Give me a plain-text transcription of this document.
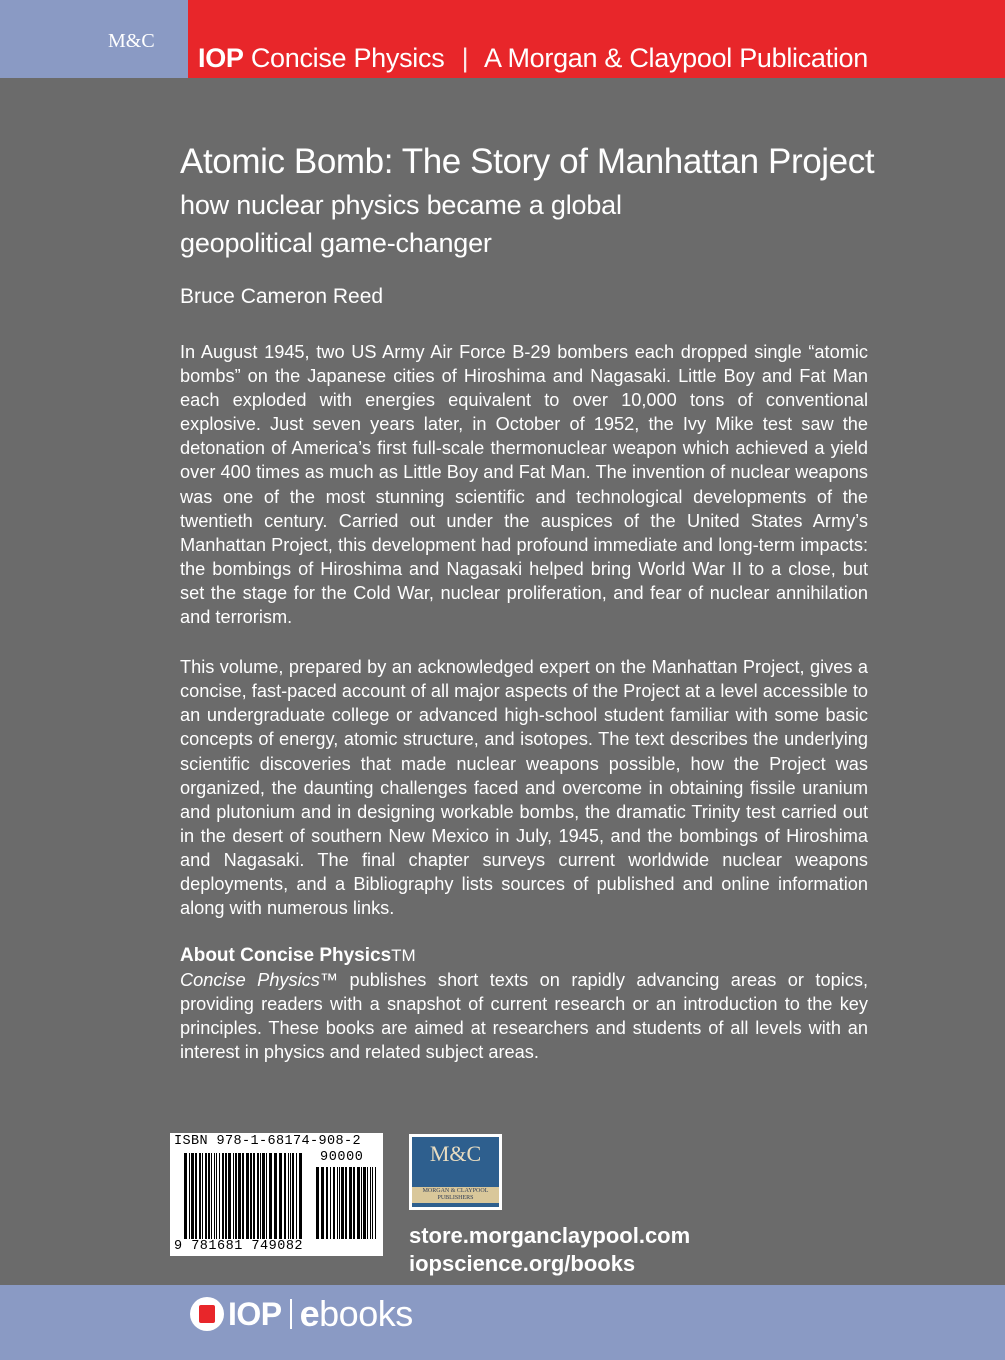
M&C
IOP Concise Physics | A Morgan & Claypool Publication
Atomic Bomb: The Story of Manhattan Project
how nuclear physics became a global geopolitical game-changer
Bruce Cameron Reed

In August 1945, two US Army Air Force B-29 bombers each dropped single “atomic bombs” on the Japanese cities of Hiroshima and Nagasaki. Little Boy and Fat Man each exploded with energies equivalent to over 10,000 tons of conventional explosive. Just seven years later, in October of 1952, the Ivy Mike test saw the detonation of America’s first full-scale thermonuclear weapon which achieved a yield over 400 times as much as Little Boy and Fat Man. The invention of nuclear weapons was one of the most stunning scientific and technological developments of the twentieth century. Carried out under the auspices of the United States Army’s Manhattan Project, this development had profound immediate and long-term impacts: the bombings of Hiroshima and Nagasaki helped bring World War II to a close, but set the stage for the Cold War, nuclear proliferation, and fear of nuclear annihilation and terrorism.

This volume, prepared by an acknowledged expert on the Manhattan Project, gives a concise, fast-paced account of all major aspects of the Project at a level accessible to an undergraduate college or advanced high-school student familiar with some basic concepts of energy, atomic structure, and isotopes. The text describes the underlying scientific discoveries that made nuclear weapons possible, how the Project was organized, the daunting challenges faced and overcome in obtaining fissile uranium and plutonium and in designing workable bombs, the dramatic Trinity test carried out in the desert of southern New Mexico in July, 1945, and the bombings of Hiroshima and Nagasaki. The final chapter surveys current worldwide nuclear weapons deployments, and a Bibliography lists sources of published and online information along with numerous links.

About Concise PhysicsTM

Concise Physics™ publishes short texts on rapidly advancing areas or topics, providing readers with a snapshot of current research or an introduction to the key principles. These books are aimed at researchers and students of all levels with an interest in physics and related subject areas.

ISBN 978-1-68174-908-2
90000
9 781681 749082
M&C
MORGAN & CLAYPOOL PUBLISHERS
store.morganclaypool.com
iopscience.org/books
IOP ebooks
